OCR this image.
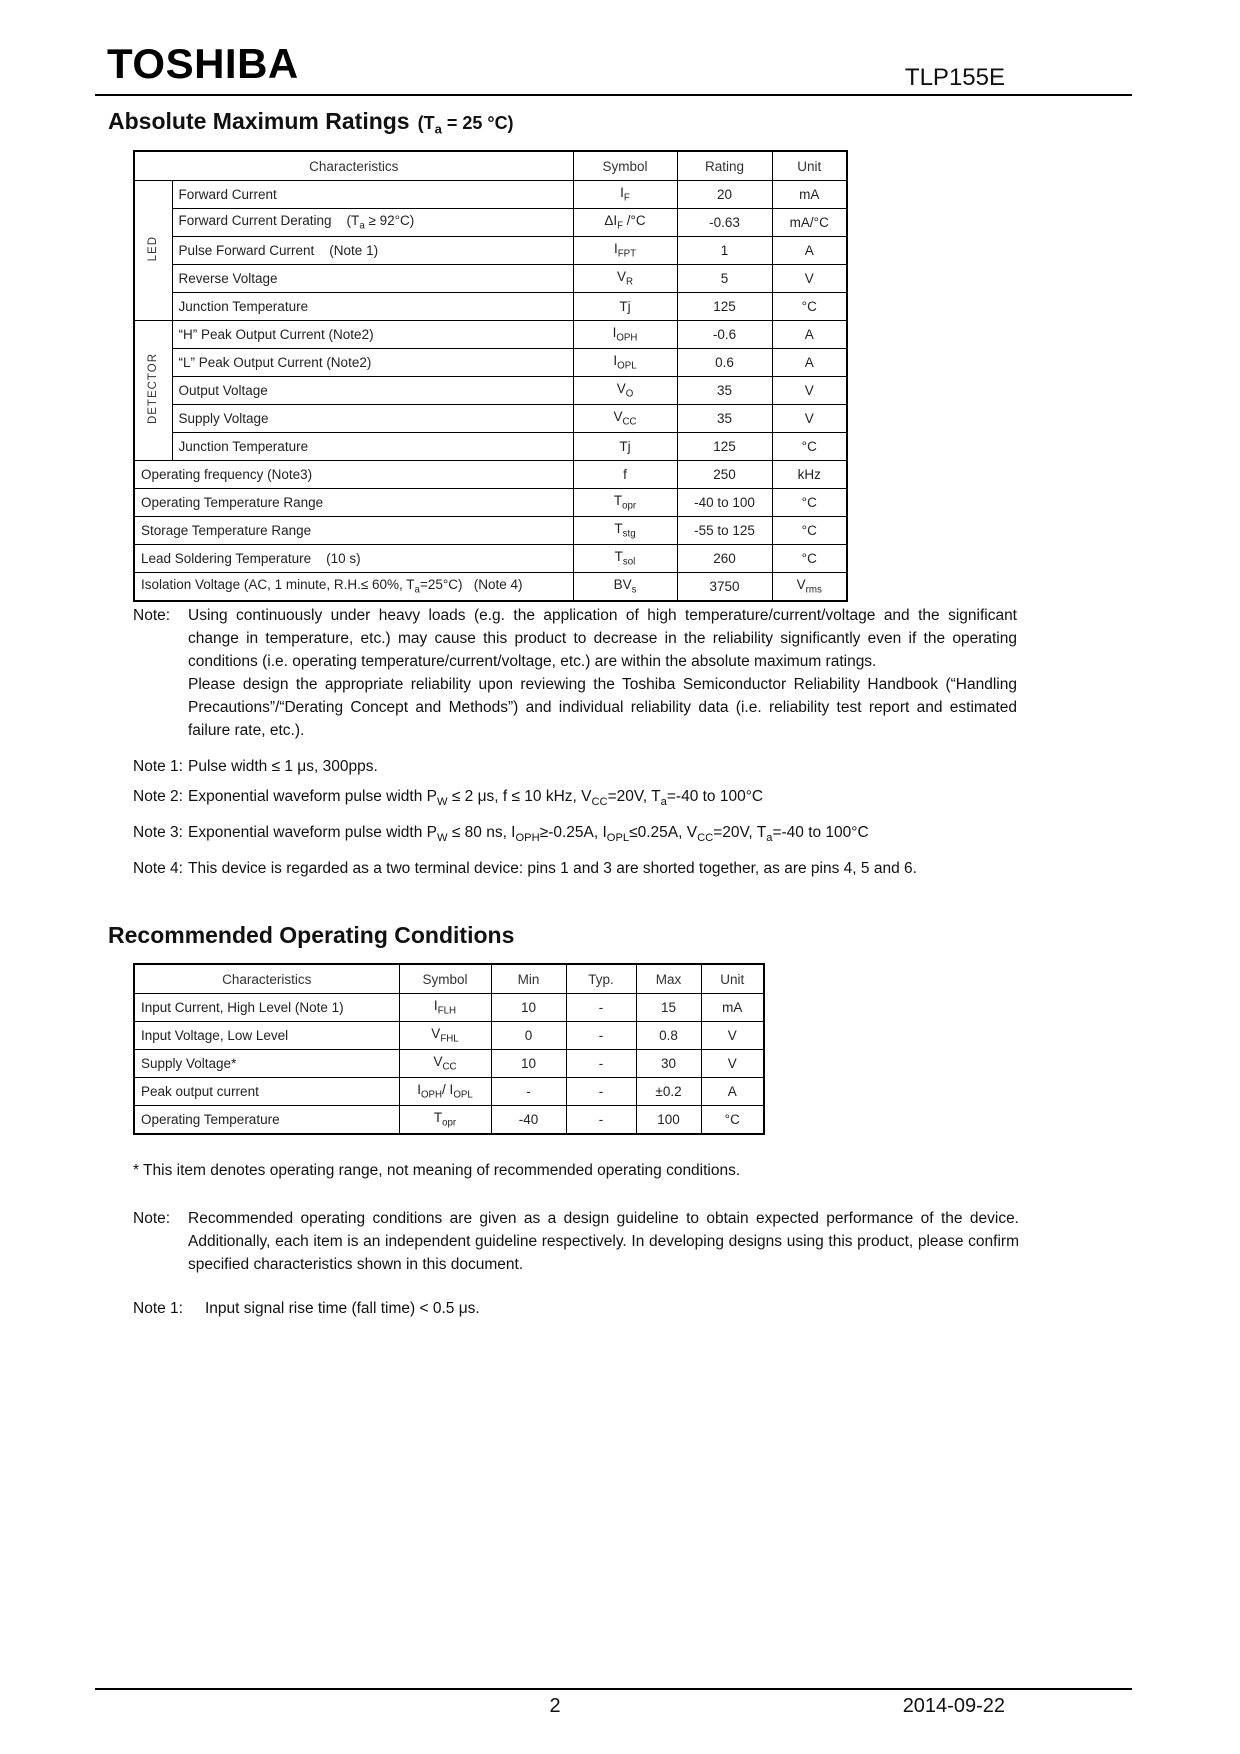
TOSHIBA	TLP155E
Absolute Maximum Ratings ($T_a = 25$ °C)
Characteristics		Symbol	Rating	Unit
LED	Forward Current	$I_F$	20	mA
	Forward Current Derating    $(T_a \ge 92^\circ C)$	$\Delta I_F$ /°C	-0.63	mA/°C
	Pulse Forward Current    (Note 1)	$I_{FPT}$	1	A
	Reverse Voltage	$V_R$	5	V
	Junction Temperature	Tj	125	°C
DETECTOR	“H” Peak Output Current (Note2)	$I_{OPH}$	-0.6	A
	“L” Peak Output Current (Note2)	$I_{OPL}$	0.6	A
	Output Voltage	$V_O$	35	V
	Supply Voltage	$V_{CC}$	35	V
	Junction Temperature	Tj	125	°C
Operating frequency (Note3)		f	250	kHz
Operating Temperature Range		$T_{opr}$	-40 to 100	°C
Storage Temperature Range		$T_{stg}$	-55 to 125	°C
Lead Soldering Temperature    (10 s)		$T_{sol}$	260	°C
Isolation Voltage (AC, 1 minute, R.H.≤ 60%, $T_a=25^\circ C$)   (Note 4)		$BV_s$	3750	$V_{rms}$
Note:	Using continuously under heavy loads (e.g. the application of high temperature/current/voltage and the significant change in temperature, etc.) may cause this product to decrease in the reliability significantly even if the operating conditions (i.e. operating temperature/current/voltage, etc.) are within the absolute maximum ratings.
Please design the appropriate reliability upon reviewing the Toshiba Semiconductor Reliability Handbook (“Handling Precautions”/“Derating Concept and Methods”) and individual reliability data (i.e. reliability test report and estimated failure rate, etc.).
Note 1: Pulse width ≤ 1 μs, 300pps.
Note 2: Exponential waveform pulse width $P_W \le 2$ μs, f ≤ 10 kHz, $V_{CC}=20V$, $T_a=-40$ to 100°C
Note 3: Exponential waveform pulse width $P_W \le 80$ ns, $I_{OPH}\ge-0.25A$, $I_{OPL}\le 0.25A$, $V_{CC}=20V$, $T_a=-40$ to 100°C
Note 4: This device is regarded as a two terminal device: pins 1 and 3 are shorted together, as are pins 4, 5 and 6.
Recommended Operating Conditions
Characteristics	Symbol	Min	Typ.	Max	Unit
Input Current, High Level (Note 1)	$I_{FLH}$	10	-	15	mA
Input Voltage, Low Level	$V_{FHL}$	0	-	0.8	V
Supply Voltage*	$V_{CC}$	10	-	30	V
Peak output current	$I_{OPH}/$ $I_{OPL}$	-	-	±0.2	A
Operating Temperature	$T_{opr}$	-40	-	100	°C
* This item denotes operating range, not meaning of recommended operating conditions.
Note:	Recommended operating conditions are given as a design guideline to obtain expected performance of the device. Additionally, each item is an independent guideline respectively. In developing designs using this product, please confirm specified characteristics shown in this document.
Note 1:	Input signal rise time (fall time) < 0.5 μs.
2	2014-09-22
